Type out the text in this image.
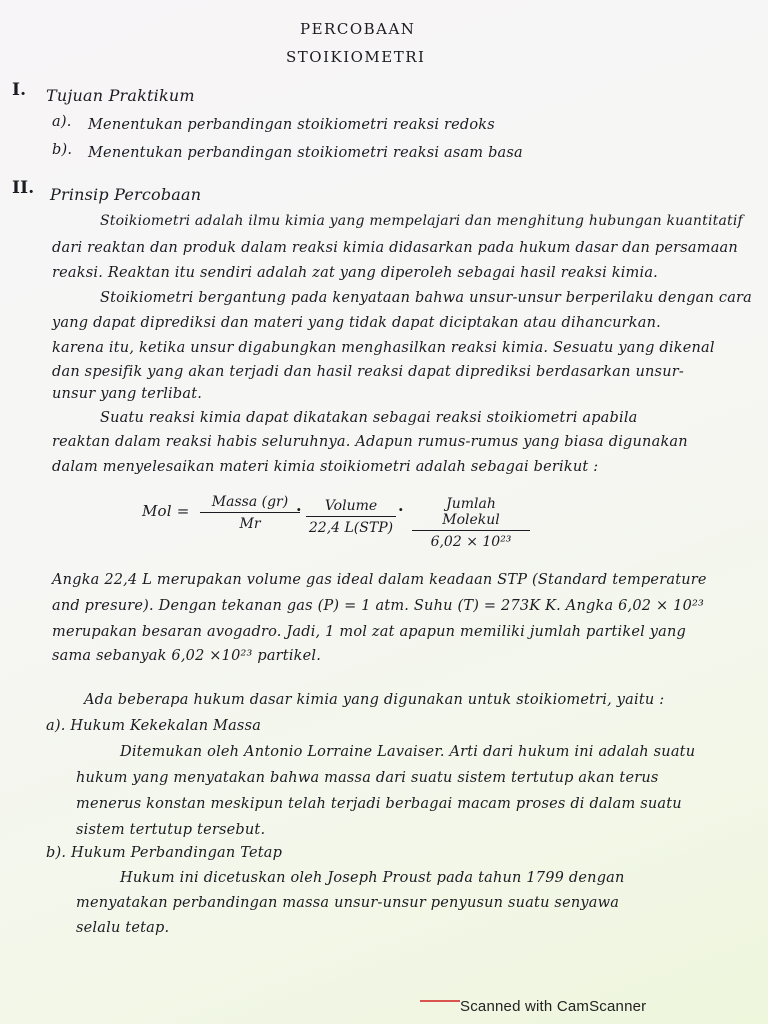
PERCOBAAN
STOIKIOMETRI
I. Tujuan Praktikum
a). Menentukan perbandingan stoikiometri reaksi redoks
b). Menentukan perbandingan stoikiometri reaksi asam basa
II. Prinsip Percobaan
Stoikiometri adalah ilmu kimia yang mempelajari dan menghitung hubungan kuantitatif
dari reaktan dan produk dalam reaksi kimia didasarkan pada hukum dasar dan persamaan
reaksi. Reaktan itu sendiri adalah zat yang diperoleh sebagai hasil reaksi kimia.
Stoikiometri bergantung pada kenyataan bahwa unsur-unsur berperilaku dengan cara
yang dapat diprediksi dan materi yang tidak dapat diciptakan atau dihancurkan.
karena itu, ketika unsur digabungkan menghasilkan reaksi kimia. Sesuatu yang dikenal
dan spesifik yang akan terjadi dan hasil reaksi dapat diprediksi berdasarkan unsur-
unsur yang terlibat.
Suatu reaksi kimia dapat dikatakan sebagai reaksi stoikiometri apabila
reaktan dalam reaksi habis seluruhnya. Adapun rumus-rumus yang biasa digunakan
dalam menyelesaikan materi kimia stoikiometri adalah sebagai berikut :
Mol =	Massa (gr)
Mr
·	Volume
22,4 L(STP)
·	Jumlah Molekul
6,02 × 10²³
Angka 22,4 L merupakan volume gas ideal dalam keadaan STP (Standard temperature
and presure). Dengan tekanan gas (P) = 1 atm. Suhu (T) = 273K K. Angka 6,02 × 10²³
merupakan besaran avogadro. Jadi, 1 mol zat apapun memiliki jumlah partikel yang
sama sebanyak 6,02 ×10²³ partikel.
Ada beberapa hukum dasar kimia yang digunakan untuk stoikiometri, yaitu :
a). Hukum Kekekalan Massa
Ditemukan oleh Antonio Lorraine Lavaiser. Arti dari hukum ini adalah suatu
hukum yang menyatakan bahwa massa dari suatu sistem tertutup akan terus
menerus konstan meskipun telah terjadi berbagai macam proses di dalam suatu
sistem tertutup tersebut.
b). Hukum Perbandingan Tetap
Hukum ini dicetuskan oleh Joseph Proust pada tahun 1799 dengan
menyatakan perbandingan massa unsur-unsur penyusun suatu senyawa
selalu tetap.
Scanned with CamScanner
